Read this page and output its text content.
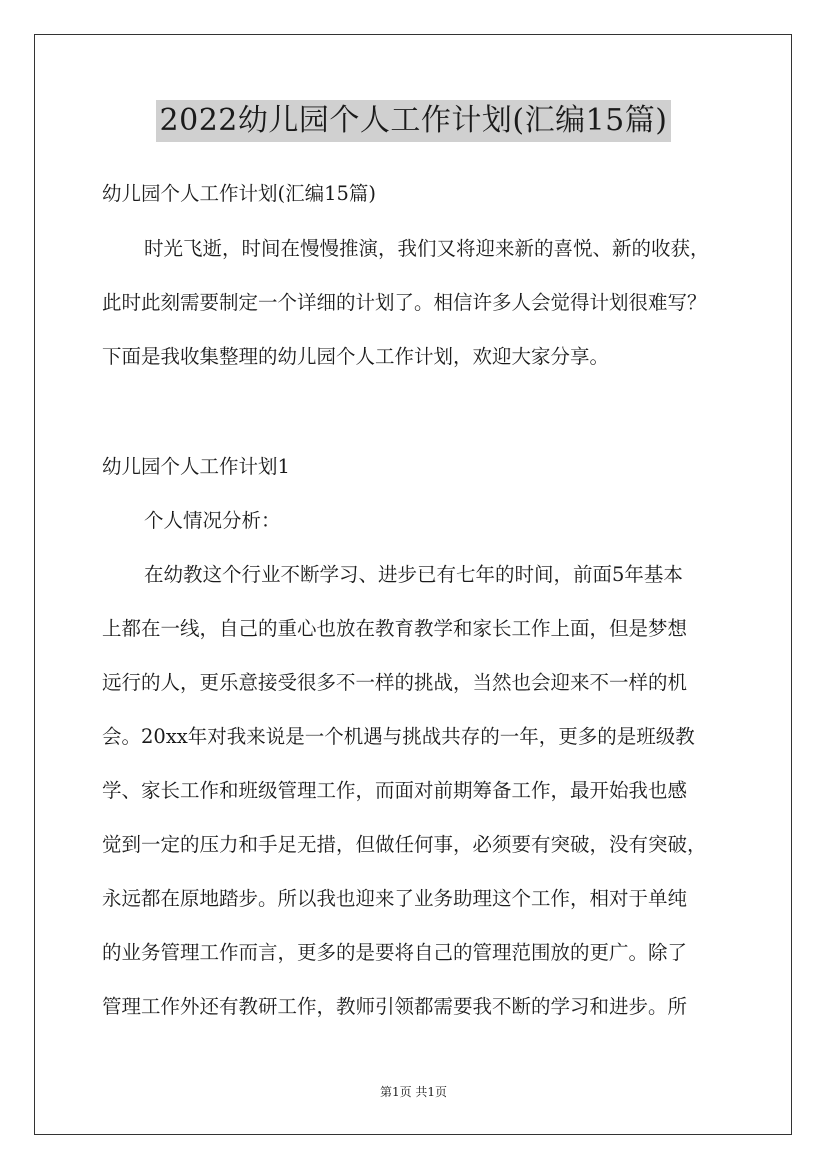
2022幼儿园个人工作计划(汇编15篇)
幼儿园个人工作计划(汇编15篇)
时光飞逝，时间在慢慢推演，我们又将迎来新的喜悦、新的收获，
此时此刻需要制定一个详细的计划了。相信许多人会觉得计划很难写？
下面是我收集整理的幼儿园个人工作计划，欢迎大家分享。
幼儿园个人工作计划1
个人情况分析：
在幼教这个行业不断学习、进步已有七年的时间，前面5年基本
上都在一线，自己的重心也放在教育教学和家长工作上面，但是梦想
远行的人，更乐意接受很多不一样的挑战，当然也会迎来不一样的机
会。20xx年对我来说是一个机遇与挑战共存的一年，更多的是班级教
学、家长工作和班级管理工作，而面对前期筹备工作，最开始我也感
觉到一定的压力和手足无措，但做任何事，必须要有突破，没有突破，
永远都在原地踏步。所以我也迎来了业务助理这个工作，相对于单纯
的业务管理工作而言，更多的是要将自己的管理范围放的更广。除了
管理工作外还有教研工作，教师引领都需要我不断的学习和进步。所
第1页 共1页
